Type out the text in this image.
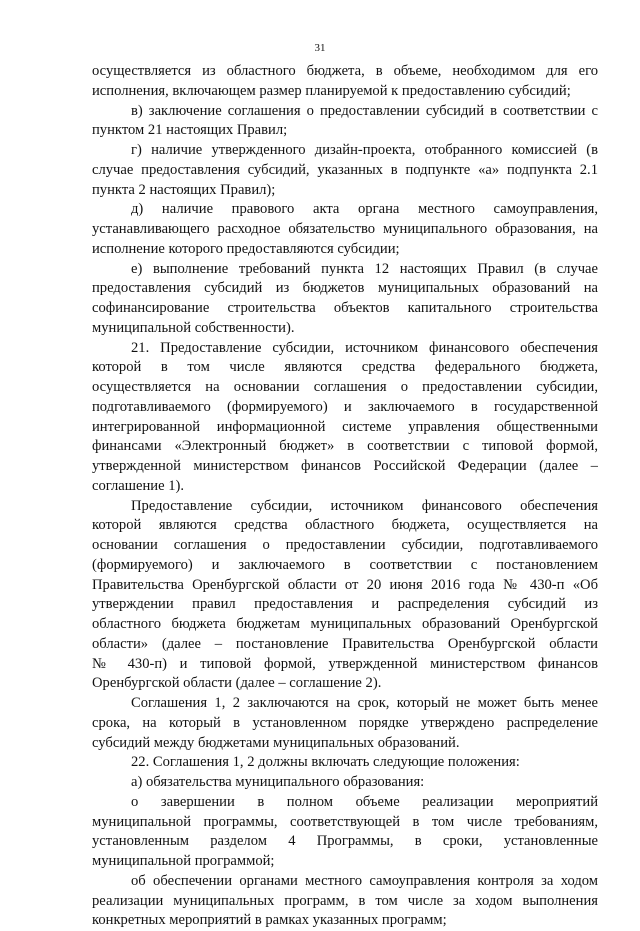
31
осуществляется из областного бюджета, в объеме, необходимом для его
исполнения, включающем размер планируемой к предоставлению субсидий;
в) заключение соглашения о предоставлении субсидий в соответствии с
пунктом 21 настоящих Правил;
г) наличие утвержденного дизайн-проекта, отобранного комиссией (в
случае предоставления субсидий, указанных в подпункте «а» подпункта 2.1
пункта 2 настоящих Правил);
д) наличие правового акта органа местного самоуправления,
устанавливающего расходное обязательство муниципального образования, на
исполнение которого предоставляются субсидии;
е) выполнение требований пункта 12 настоящих Правил (в случае
предоставления субсидий из бюджетов муниципальных образований на
софинансирование строительства объектов капитального строительства
муниципальной собственности).
21. Предоставление субсидии, источником финансового обеспечения
которой в том числе являются средства федерального бюджета,
осуществляется на основании соглашения о предоставлении субсидии,
подготавливаемого (формируемого) и заключаемого в государственной
интегрированной информационной системе управления общественными
финансами «Электронный бюджет» в соответствии с типовой формой,
утвержденной министерством финансов Российской Федерации (далее –
соглашение 1).
Предоставление субсидии, источником финансового обеспечения
которой являются средства областного бюджета, осуществляется на
основании соглашения о предоставлении субсидии, подготавливаемого
(формируемого) и заключаемого в соответствии с постановлением
Правительства Оренбургской области от 20 июня 2016 года № 430-п «Об
утверждении правил предоставления и распределения субсидий из
областного бюджета бюджетам муниципальных образований Оренбургской
области» (далее – постановление Правительства Оренбургской области
№ 430-п) и типовой формой, утвержденной министерством финансов
Оренбургской области (далее – соглашение 2).
Соглашения 1, 2 заключаются на срок, который не может быть менее
срока, на который в установленном порядке утверждено распределение
субсидий между бюджетами муниципальных образований.
22. Соглашения 1, 2 должны включать следующие положения:
а) обязательства муниципального образования:
о завершении в полном объеме реализации мероприятий
муниципальной программы, соответствующей в том числе требованиям,
установленным разделом 4 Программы, в сроки, установленные
муниципальной программой;
об обеспечении органами местного самоуправления контроля за ходом
реализации муниципальных программ, в том числе за ходом выполнения
конкретных мероприятий в рамках указанных программ;
